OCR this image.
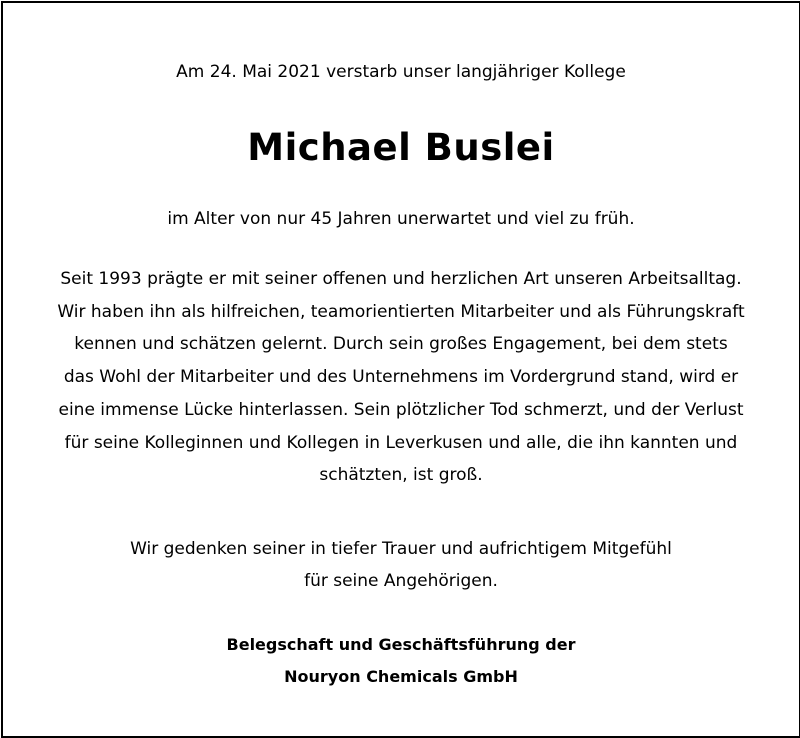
Am 24. Mai 2021 verstarb unser langjähriger Kollege
Michael Buslei
im Alter von nur 45 Jahren unerwartet und viel zu früh.

Seit 1993 prägte er mit seiner offenen und herzlichen Art unseren Arbeitsalltag.
Wir haben ihn als hilfreichen, teamorientierten Mitarbeiter und als Führungskraft
kennen und schätzen gelernt. Durch sein großes Engagement, bei dem stets
das Wohl der Mitarbeiter und des Unternehmens im Vordergrund stand, wird er
eine immense Lücke hinterlassen. Sein plötzlicher Tod schmerzt, und der Verlust
für seine Kolleginnen und Kollegen in Leverkusen und alle, die ihn kannten und
schätzten, ist groß.

Wir gedenken seiner in tiefer Trauer und aufrichtigem Mitgefühl
für seine Angehörigen.
Belegschaft und Geschäftsführung der
Nouryon Chemicals GmbH
